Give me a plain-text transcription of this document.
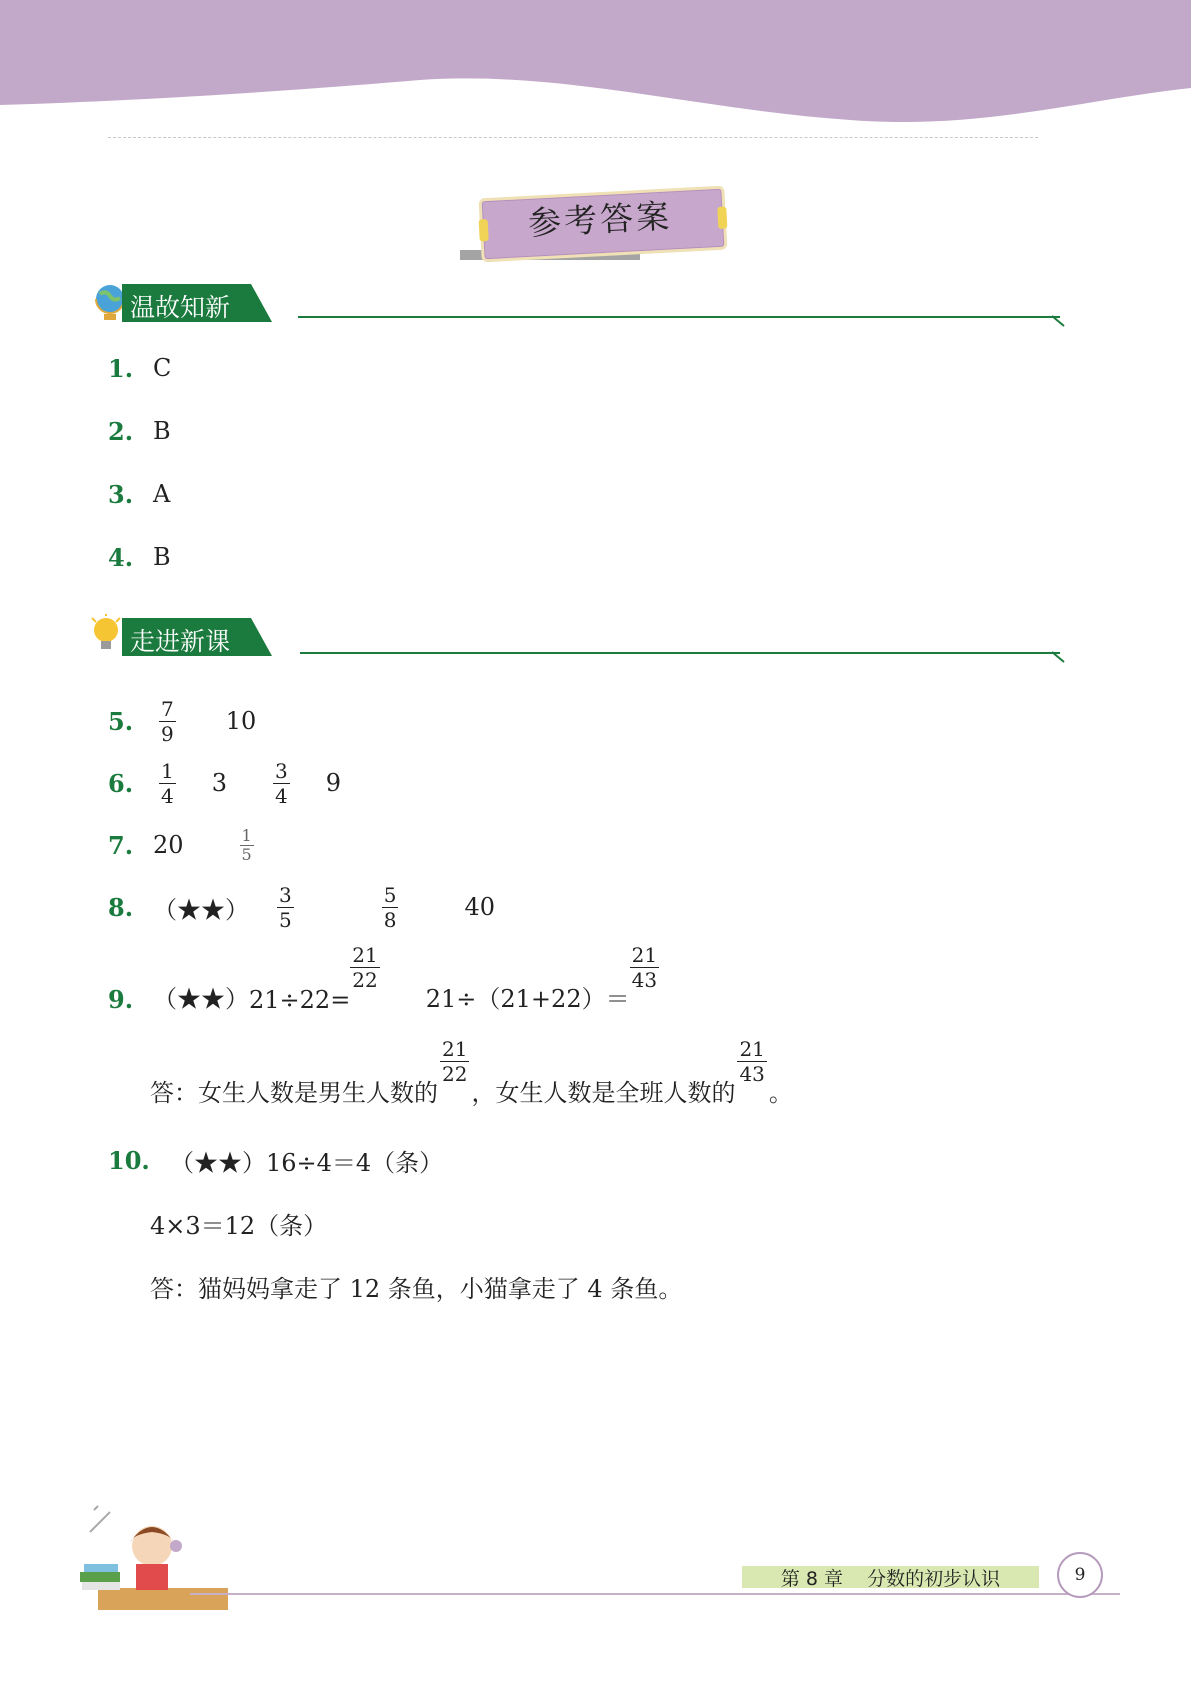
参考答案
温故知新
1. C
2. B
3. A
4. B
走进新课
5.	$\frac{7}{9} 10$
6.	$\frac{1}{4} 3 \frac{3}{4} 9$
7. 20	$\frac{1}{5}$
8. （★★） $\frac{3}{5}$	$\frac{5}{8}$	40
9. （★★） 21÷22=
$\frac{21}{22}$
21÷（21+22）＝
$\frac{21}{43}$
答：女生人数是男生人数的
$\frac{21}{22}$
，女生人数是全班人数的
$\frac{21}{43}$
。
10. （★★）16÷4＝4（条）
4×3＝12（条）
答：猫妈妈拿走了 12 条鱼，小猫拿走了 4 条鱼。
第 8 章    分数的初步认识	9
